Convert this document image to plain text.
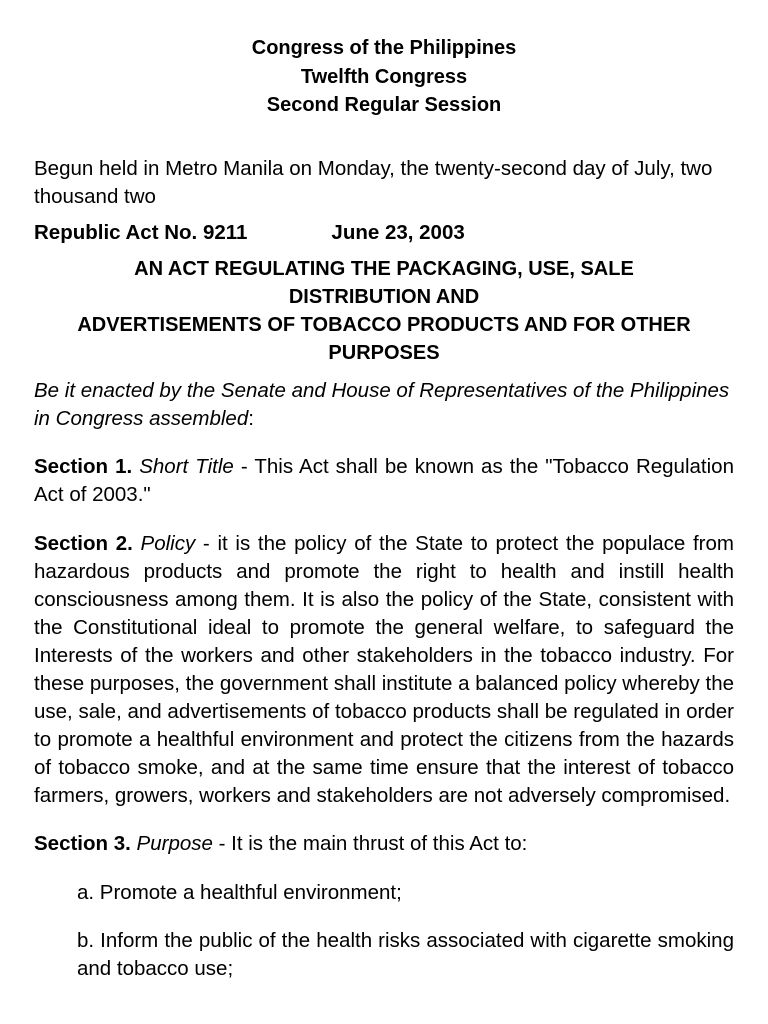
Congress of the Philippines
Twelfth Congress
Second Regular Session

Begun held in Metro Manila on Monday, the twenty-second day of July, two thousand two

Republic Act No. 9211	June 23, 2003
AN ACT REGULATING THE PACKAGING, USE, SALE
DISTRIBUTION AND
ADVERTISEMENTS OF TOBACCO PRODUCTS AND FOR OTHER
PURPOSES

Be it enacted by the Senate and House of Representatives of the Philippines in Congress assembled:

Section 1. Short Title - This Act shall be known as the "Tobacco Regulation Act of 2003."

Section 2. Policy - it is the policy of the State to protect the populace from hazardous products and promote the right to health and instill health consciousness among them. It is also the policy of the State, consistent with the Constitutional ideal to promote the general welfare, to safeguard the Interests of the workers and other stakeholders in the tobacco industry. For these purposes, the government shall institute a balanced policy whereby the use, sale, and advertisements of tobacco products shall be regulated in order to promote a healthful environment and protect the citizens from the hazards of tobacco smoke, and at the same time ensure that the interest of tobacco farmers, growers, workers and stakeholders are not adversely compromised.

Section 3. Purpose - It is the main thrust of this Act to:

a. Promote a healthful environment;

b. Inform the public of the health risks associated with cigarette smoking and tobacco use;
